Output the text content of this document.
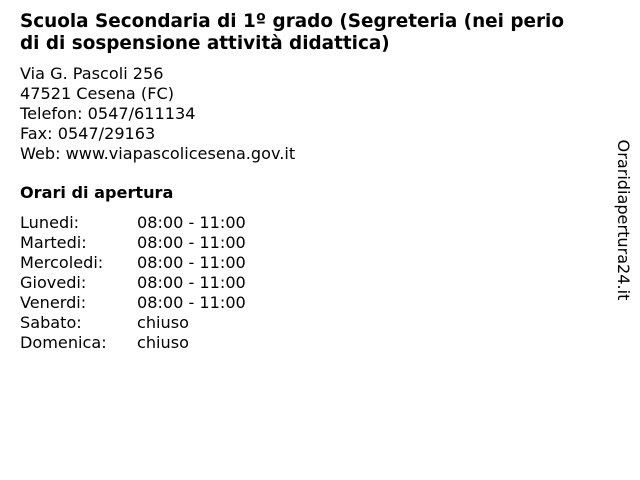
Scuola Secondaria di 1º grado (Segreteria (nei perio
di di sospensione attività didattica)
Via G. Pascoli 256
47521 Cesena (FC)
Telefon: 0547/611134
Fax: 0547/29163
Web: www.viapascolicesena.gov.it
Orari di apertura
Lunedi:	08:00 - 11:00
Martedi:	08:00 - 11:00
Mercoledi: 08:00 - 11:00
Giovedi:	08:00 - 11:00
Venerdi:	08:00 - 11:00
Sabato:	chiuso
Domenica: chiuso
Oraridiapertura24.it
